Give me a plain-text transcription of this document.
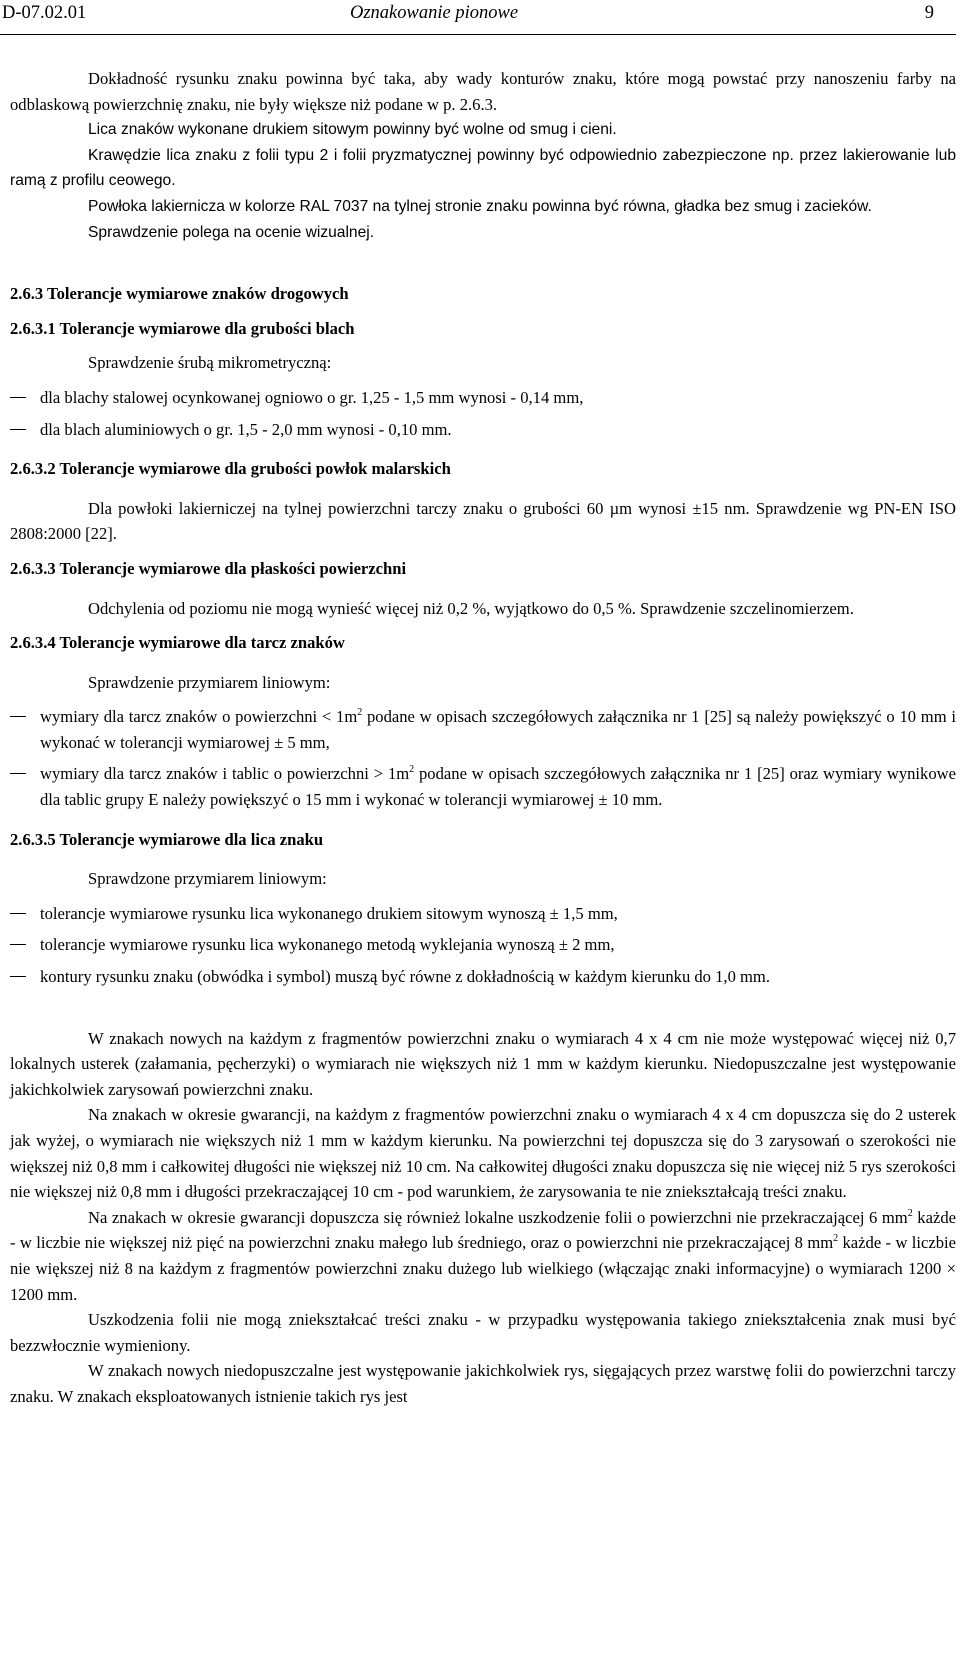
D-07.02.01	Oznakowanie pionowe	9

Dokładność rysunku znaku powinna być taka, aby wady konturów znaku, które mogą powstać przy nanoszeniu farby na odblaskową powierzchnię znaku, nie były większe niż podane w p. 2.6.3.

Lica znaków wykonane drukiem sitowym powinny być wolne od smug i cieni.

Krawędzie lica znaku z folii typu 2 i folii pryzmatycznej powinny być odpowiednio zabezpieczone np. przez lakierowanie lub ramą z profilu ceowego.

Powłoka lakiernicza w kolorze RAL 7037 na tylnej stronie znaku powinna być równa, gładka bez smug i zacieków.

Sprawdzenie polega na ocenie wizualnej.

2.6.3 Tolerancje wymiarowe znaków drogowych

2.6.3.1 Tolerancje wymiarowe dla grubości blach

Sprawdzenie śrubą mikrometryczną:

dla blachy stalowej ocynkowanej ogniowo o gr. 1,25 - 1,5 mm wynosi - 0,14 mm,
dla blach aluminiowych o gr. 1,5 - 2,0 mm wynosi - 0,10 mm.

2.6.3.2 Tolerancje wymiarowe dla grubości powłok malarskich

Dla powłoki lakierniczej na tylnej powierzchni tarczy znaku o grubości 60 µm wynosi ±15 nm. Sprawdzenie wg PN-EN ISO 2808:2000 [22].

2.6.3.3 Tolerancje wymiarowe dla płaskości powierzchni

Odchylenia od poziomu nie mogą wynieść więcej niż 0,2 %, wyjątkowo do 0,5 %. Sprawdzenie szczelinomierzem.

2.6.3.4 Tolerancje wymiarowe dla tarcz znaków

Sprawdzenie przymiarem liniowym:

wymiary dla tarcz znaków o powierzchni < $1m^2$ podane w opisach szczegółowych załącznika nr 1 [25] są należy powiększyć o 10 mm i wykonać w tolerancji wymiarowej ± 5 mm,
wymiary dla tarcz znaków i tablic o powierzchni > $1m^2$ podane w opisach szczegółowych załącznika nr 1 [25] oraz wymiary wynikowe dla tablic grupy E należy powiększyć o 15 mm i wykonać w tolerancji wymiarowej ± 10 mm.

2.6.3.5 Tolerancje wymiarowe dla lica znaku

Sprawdzone przymiarem liniowym:

tolerancje wymiarowe rysunku lica wykonanego drukiem sitowym wynoszą ± 1,5 mm,
tolerancje wymiarowe rysunku lica wykonanego metodą wyklejania wynoszą ± 2 mm,
kontury rysunku znaku (obwódka i symbol) muszą być równe z dokładnością w każdym kierunku do 1,0 mm.

W znakach nowych na każdym z fragmentów powierzchni znaku o wymiarach 4 x 4 cm nie może występować więcej niż 0,7 lokalnych usterek (załamania, pęcherzyki) o wymiarach nie większych niż 1 mm w każdym kierunku. Niedopuszczalne jest występowanie jakichkolwiek zarysowań powierzchni znaku.

Na znakach w okresie gwarancji, na każdym z fragmentów powierzchni znaku o wymiarach 4 x 4 cm dopuszcza się do 2 usterek jak wyżej, o wymiarach nie większych niż 1 mm w każdym kierunku. Na powierzchni tej dopuszcza się do 3 zarysowań o szerokości nie większej niż 0,8 mm i całkowitej długości nie większej niż 10 cm. Na całkowitej długości znaku dopuszcza się nie więcej niż 5 rys szerokości nie większej niż 0,8 mm i długości przekraczającej 10 cm - pod warunkiem, że zarysowania te nie zniekształcają treści znaku.

Na znakach w okresie gwarancji dopuszcza się również lokalne uszkodzenie folii o powierzchni nie przekraczającej 6 $mm^2$ każde - w liczbie nie większej niż pięć na powierzchni znaku małego lub średniego, oraz o powierzchni nie przekraczającej 8 $mm^2$ każde - w liczbie nie większej niż 8 na każdym z fragmentów powierzchni znaku dużego lub wielkiego (włączając znaki informacyjne) o wymiarach 1200 × 1200 mm.

Uszkodzenia folii nie mogą zniekształcać treści znaku - w przypadku występowania takiego zniekształcenia znak musi być bezzwłocznie wymieniony.

W znakach nowych niedopuszczalne jest występowanie jakichkolwiek rys, sięgających przez warstwę folii do powierzchni tarczy znaku. W znakach eksploatowanych istnienie takich rys jest
